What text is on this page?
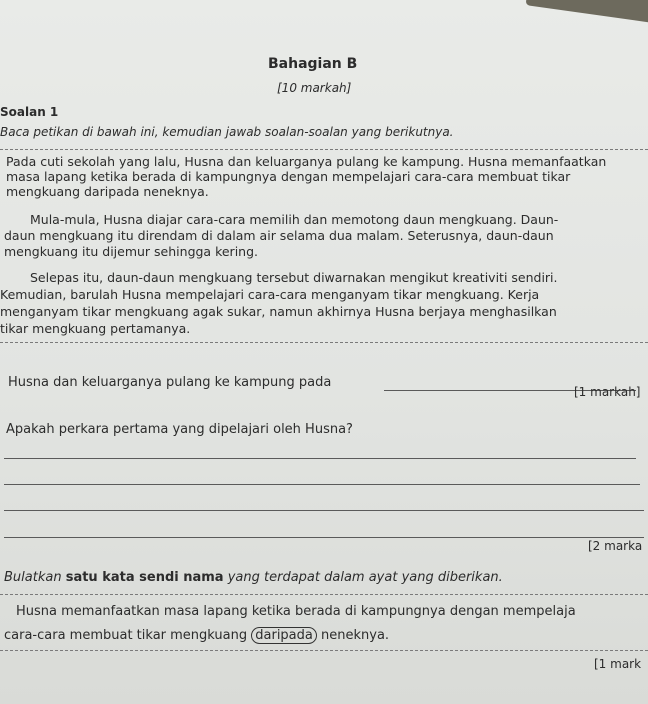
Bahagian B
[10 markah]
Soalan 1
Baca petikan di bawah ini, kemudian jawab soalan-soalan yang berikutnya.
Pada cuti sekolah yang lalu, Husna dan keluarganya pulang ke kampung. Husna memanfaatkan
masa lapang ketika berada di kampungnya dengan mempelajari cara-cara membuat tikar
mengkuang daripada neneknya.
Mula-mula, Husna diajar cara-cara memilih dan memotong daun mengkuang. Daun-
daun mengkuang itu direndam di dalam air selama dua malam. Seterusnya, daun-daun
mengkuang itu dijemur sehingga kering.
Selepas itu, daun-daun mengkuang tersebut diwarnakan mengikut kreativiti sendiri.
Kemudian, barulah Husna mempelajari cara-cara menganyam tikar mengkuang. Kerja
menganyam tikar mengkuang agak sukar, namun akhirnya Husna berjaya menghasilkan
tikar mengkuang pertamanya.
Husna dan keluarganya pulang ke kampung pada
[1 markah]
Apakah perkara pertama yang dipelajari oleh Husna?
[2 marka
Bulatkan satu kata sendi nama yang terdapat dalam ayat yang diberikan.
Husna memanfaatkan masa lapang ketika berada di kampungnya dengan mempelaja
cara-cara membuat tikar mengkuang daripada neneknya.
[1 mark
